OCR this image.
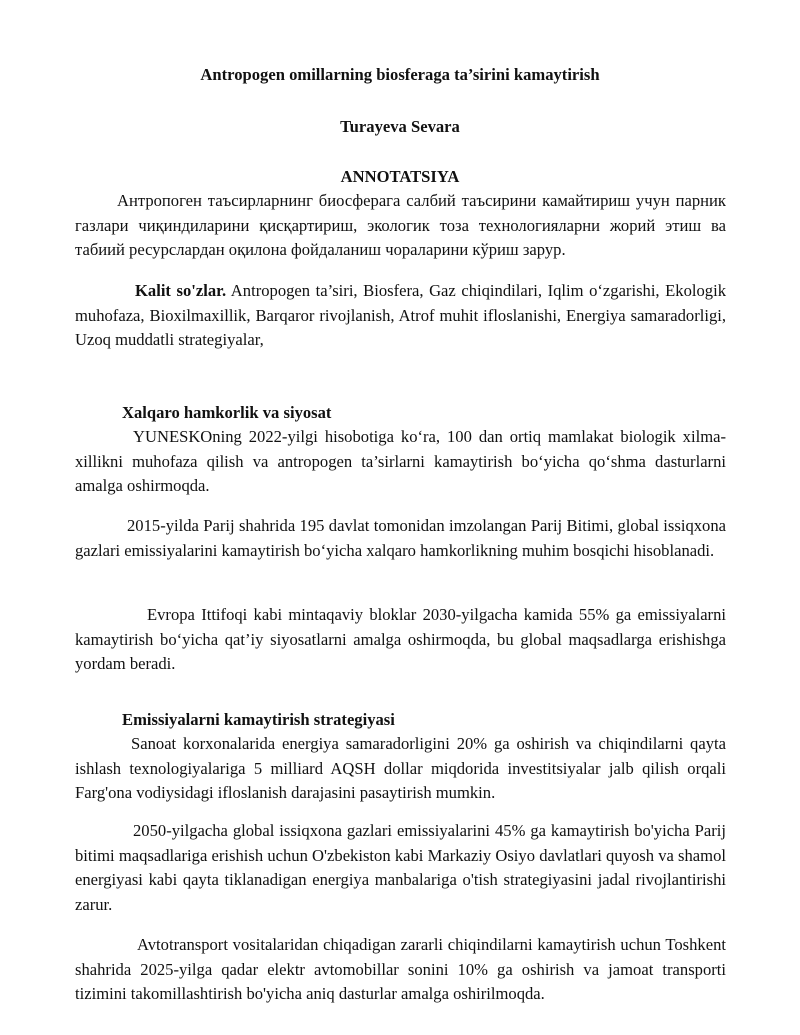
Antropogen omillarning biosferaga ta’sirini kamaytirish

Turayeva Sevara

ANNOTATSIYA

Антропоген таъсирларнинг биосферага салбий таъсирини камайтириш учун парник газлари чиқиндиларини қисқартириш, экологик тоза технологияларни жорий этиш ва табиий ресурслардан оқилона фойдаланиш чораларини кўриш зарур.

Kalit so'zlar. Antropogen ta’siri, Biosfera, Gaz chiqindilari, Iqlim o‘zgarishi, Ekologik muhofaza, Bioxilmaxillik, Barqaror rivojlanish, Atrof muhit ifloslanishi, Energiya samaradorligi, Uzoq muddatli strategiyalar,

Xalqaro hamkorlik va siyosat

YUNESKOning 2022-yilgi hisobotiga ko‘ra, 100 dan ortiq mamlakat biologik xilma-xillikni muhofaza qilish va antropogen ta’sirlarni kamaytirish bo‘yicha qo‘shma dasturlarni amalga oshirmoqda.

2015-yilda Parij shahrida 195 davlat tomonidan imzolangan Parij Bitimi, global issiqxona gazlari emissiyalarini kamaytirish bo‘yicha xalqaro hamkorlikning muhim bosqichi hisoblanadi.

Evropa Ittifoqi kabi mintaqaviy bloklar 2030-yilgacha kamida 55% ga emissiyalarni kamaytirish bo‘yicha qat’iy siyosatlarni amalga oshirmoqda, bu global maqsadlarga erishishga yordam beradi.

Emissiyalarni kamaytirish strategiyasi

Sanoat korxonalarida energiya samaradorligini 20% ga oshirish va chiqindilarni qayta ishlash texnologiyalariga 5 milliard AQSH dollar miqdorida investitsiyalar jalb qilish orqali Farg'ona vodiysidagi ifloslanish darajasini pasaytirish mumkin.

2050-yilgacha global issiqxona gazlari emissiyalarini 45% ga kamaytirish bo'yicha Parij bitimi maqsadlariga erishish uchun O'zbekiston kabi Markaziy Osiyo davlatlari quyosh va shamol energiyasi kabi qayta tiklanadigan energiya manbalariga o'tish strategiyasini jadal rivojlantirishi zarur.

Avtotransport vositalaridan chiqadigan zararli chiqindilarni kamaytirish uchun Toshkent shahrida 2025-yilga qadar elektr avtomobillar sonini 10% ga oshirish va jamoat transporti tizimini takomillashtirish bo'yicha aniq dasturlar amalga oshirilmoqda.
